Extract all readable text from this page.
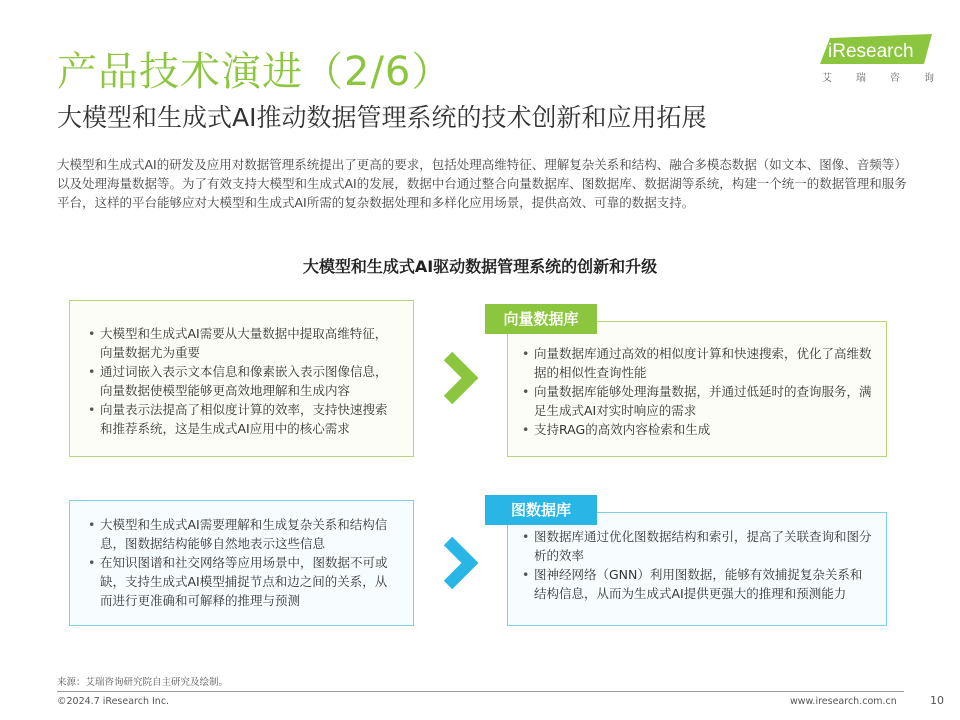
产品技术演进（2/6）
大模型和生成式AI推动数据管理系统的技术创新和应用拓展
iResearch
艾 瑞 咨 询
大模型和生成式AI的研发及应用对数据管理系统提出了更高的要求，包括处理高维特征、理解复杂关系和结构、融合多模态数据（如文本、图像、音频等）以及处理海量数据等。为了有效支持大模型和生成式AI的发展，数据中台通过整合向量数据库、图数据库、数据湖等系统，构建一个统一的数据管理和服务平台，这样的平台能够应对大模型和生成式AI所需的复杂数据处理和多样化应用场景，提供高效、可靠的数据支持。
大模型和生成式AI驱动数据管理系统的创新和升级
• 大模型和生成式AI需要从大量数据中提取高维特征，向量数据尤为重要
• 通过词嵌入表示文本信息和像素嵌入表示图像信息，向量数据使模型能够更高效地理解和生成内容
• 向量表示法提高了相似度计算的效率，支持快速搜索和推荐系统，这是生成式AI应用中的核心需求
• 向量数据库通过高效的相似度计算和快速搜索，优化了高维数据的相似性查询性能
• 向量数据库能够处理海量数据，并通过低延时的查询服务，满足生成式AI对实时响应的需求
• 支持RAG的高效内容检索和生成
向量数据库
• 大模型和生成式AI需要理解和生成复杂关系和结构信息，图数据结构能够自然地表示这些信息
• 在知识图谱和社交网络等应用场景中，图数据不可或缺，支持生成式AI模型捕捉节点和边之间的关系，从而进行更准确和可解释的推理与预测
• 图数据库通过优化图数据结构和索引，提高了关联查询和图分析的效率
• 图神经网络（GNN）利用图数据，能够有效捕捉复杂关系和结构信息，从而为生成式AI提供更强大的推理和预测能力
图数据库
来源：艾瑞咨询研究院自主研究及绘制。
©2024.7 iResearch Inc.	www.iresearch.com.cn	10
